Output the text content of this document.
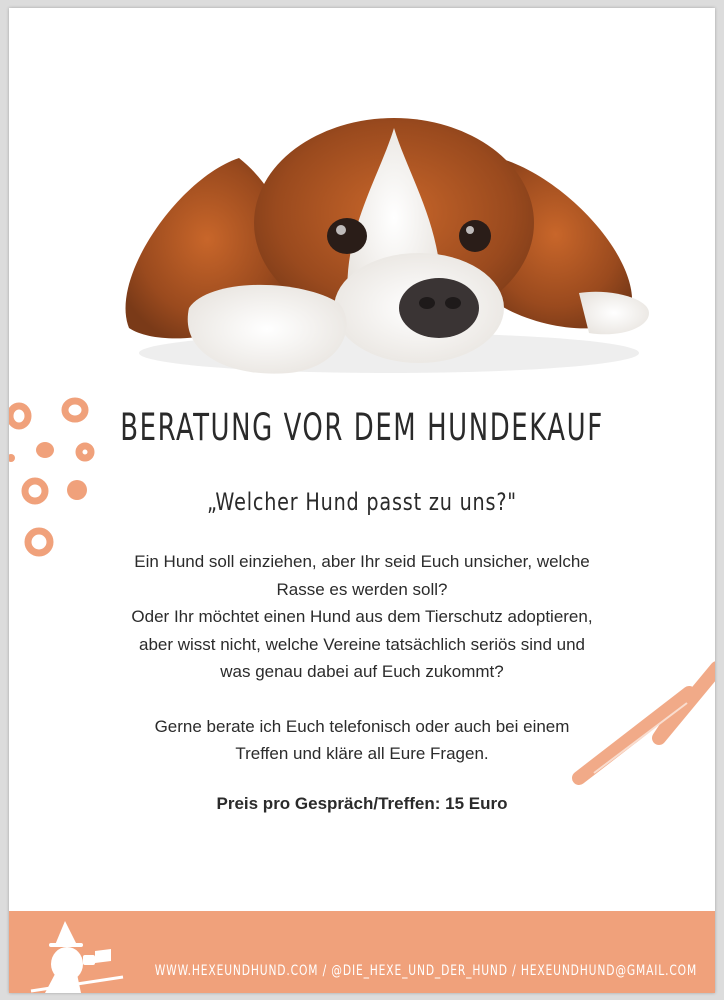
BERATUNG VOR DEM HUNDEKAUF
„Welcher Hund passt zu uns?"

Ein Hund soll einziehen, aber Ihr seid Euch unsicher, welche

Rasse es werden soll?

Oder Ihr möchtet einen Hund aus dem Tierschutz adoptieren,

aber wisst nicht, welche Vereine tatsächlich seriös sind und

was genau dabei auf Euch zukommt?

Gerne berate ich Euch telefonisch oder auch bei einem

Treffen und kläre all Eure Fragen.

Preis pro Gespräch/Treffen: 15 Euro
WWW.HEXEUNDHUND.COM / @DIE_HEXE_UND_DER_HUND / HEXEUNDHUND@GMAIL.COM
